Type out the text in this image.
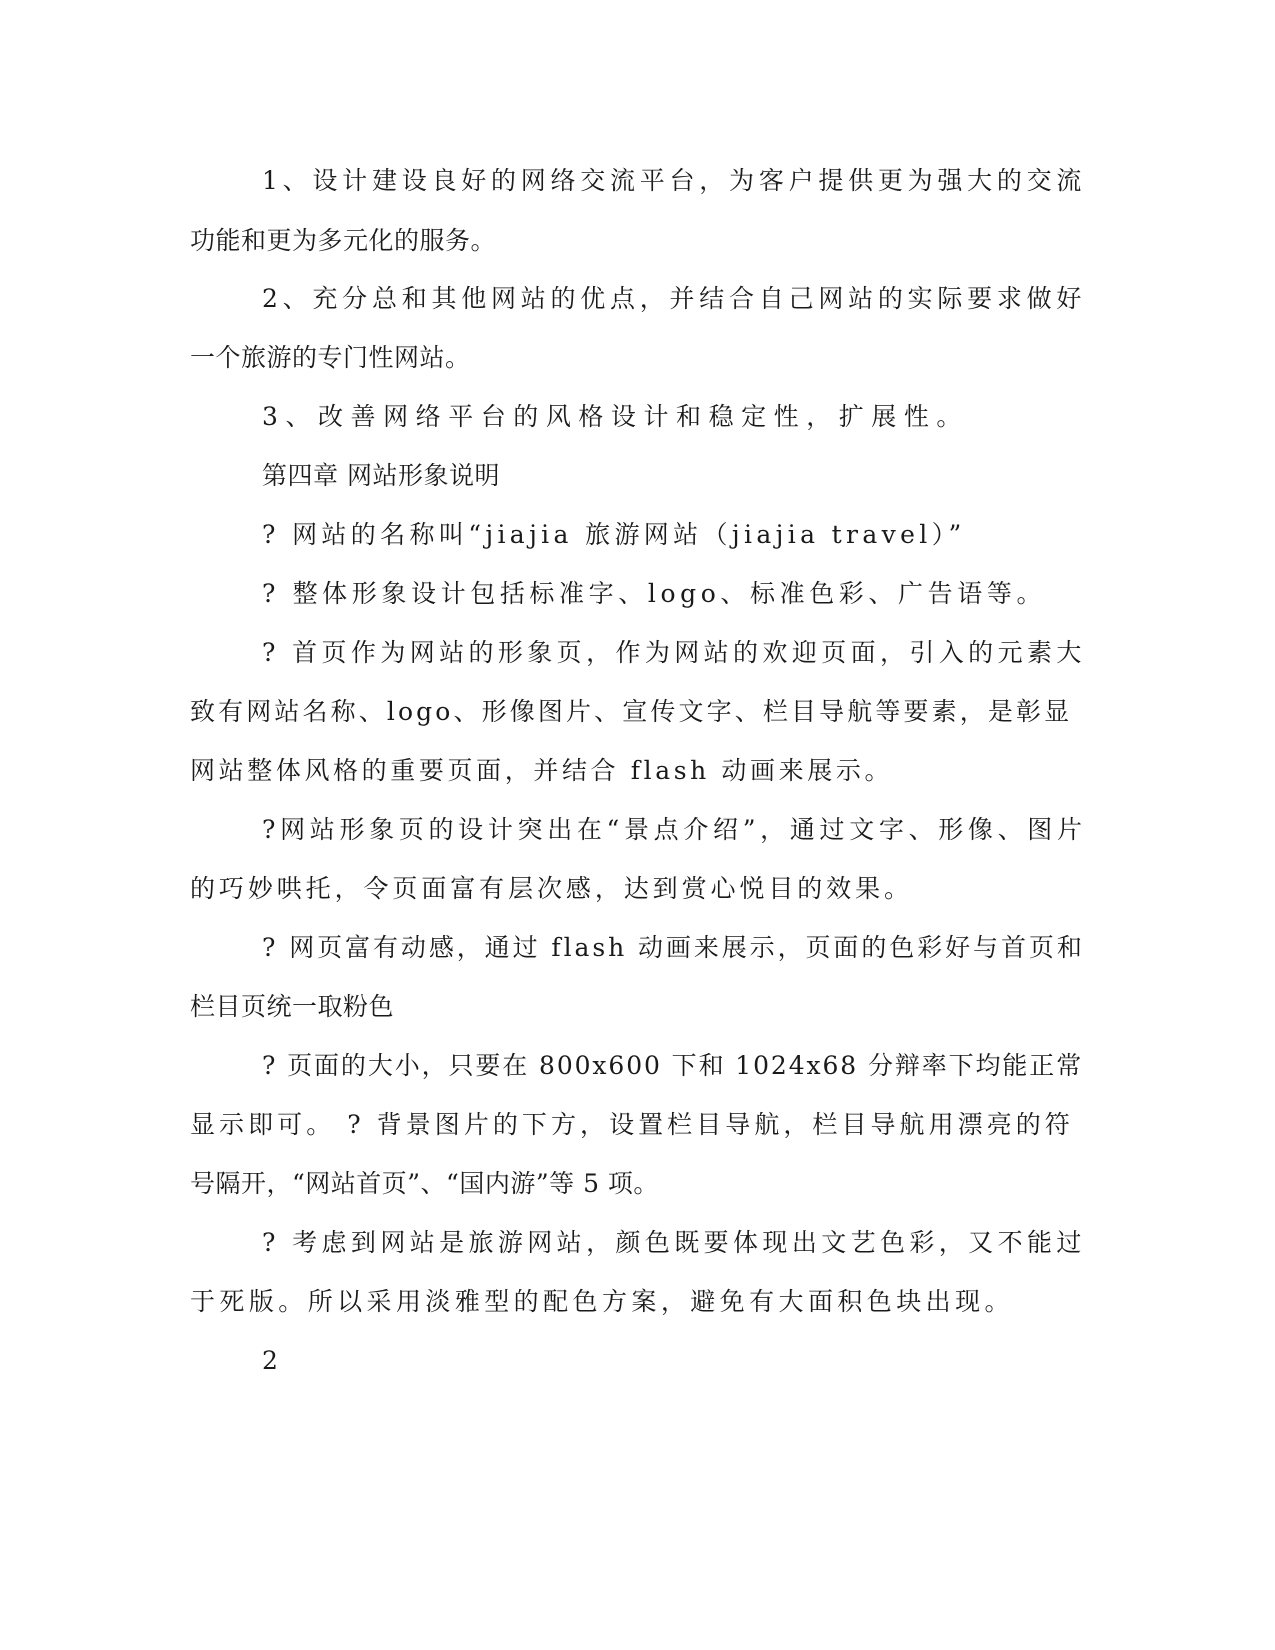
1、设计建设良好的网络交流平台，为客户提供更为强大的交流

功能和更为多元化的服务。

2、充分总和其他网站的优点，并结合自己网站的实际要求做好

一个旅游的专门性网站。

3、改善网络平台的风格设计和稳定性，扩展性。

第四章 网站形象说明

? 网站的名称叫“jiajia 旅游网站（jiajia travel）”

? 整体形象设计包括标准字、logo、标准色彩、广告语等。

? 首页作为网站的形象页，作为网站的欢迎页面，引入的元素大

致有网站名称、logo、形像图片、宣传文字、栏目导航等要素，是彰显

网站整体风格的重要页面，并结合 flash 动画来展示。

?网站形象页的设计突出在“景点介绍”，通过文字、形像、图片

的巧妙哄托，令页面富有层次感，达到赏心悦目的效果。

? 网页富有动感，通过 flash 动画来展示，页面的色彩好与首页和

栏目页统一取粉色

? 页面的大小，只要在 800x600 下和 1024x68 分辩率下均能正常

显示即可。 ? 背景图片的下方，设置栏目导航，栏目导航用漂亮的符

号隔开，“网站首页”、“国内游”等 5 项。

? 考虑到网站是旅游网站，颜色既要体现出文艺色彩，又不能过

于死版。所以采用淡雅型的配色方案，避免有大面积色块出现。

2
